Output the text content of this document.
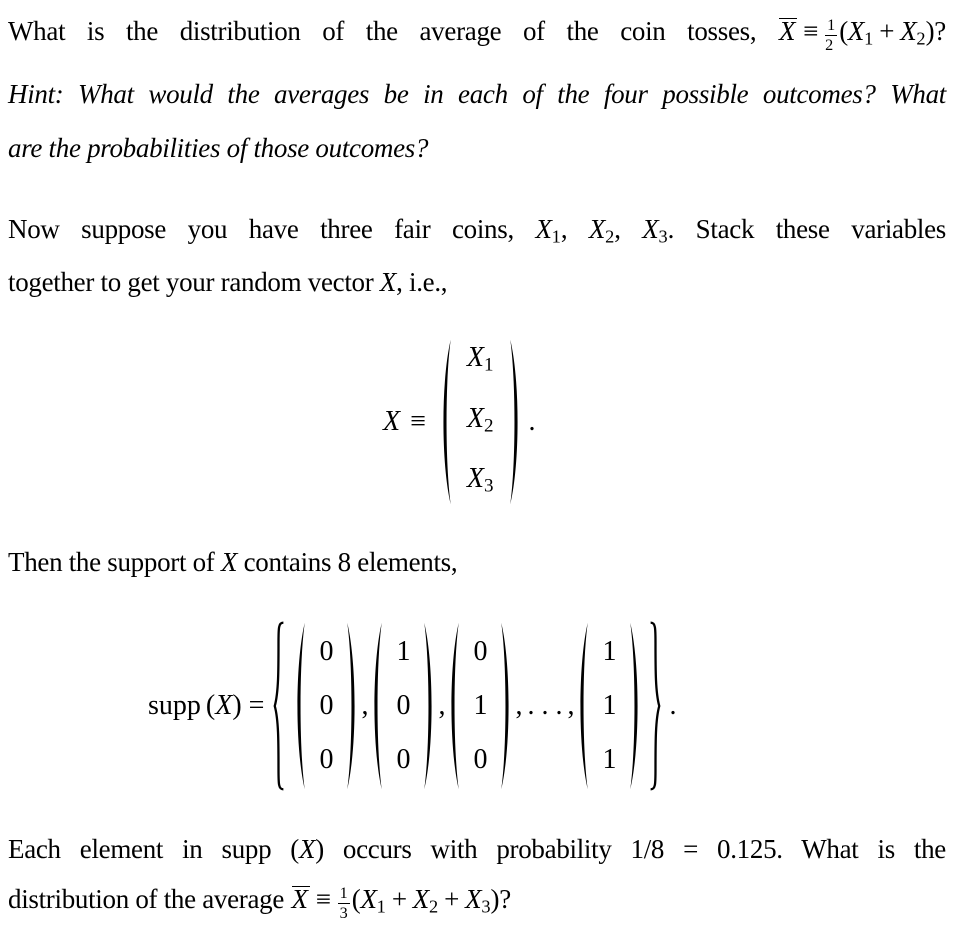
What is the distribution of the average of the coin tosses, $X \equiv \frac{1}{2} (X_1 + X_2)$?
Hint: What would the averages be in each of the four possible outcomes? What
are the probabilities of those outcomes?
Now suppose you have three fair coins, $X_1$, $X_2$, $X_3$. Stack these variables
together to get your random vector X, i.e.,
X ≡
$X_1$
$X_2$
$X_3$
.
Then the support of X contains 8 elements,
supp ( X ) =
0
0
0
,
1
0
0
,
0
1
0
, . . . ,
1
1
1
.
Each element in supp (X) occurs with probability 1/8 = 0.125. What is the
distribution of the average $X \equiv \frac{1}{3} (X_1 + X_2 + X_3)$?
